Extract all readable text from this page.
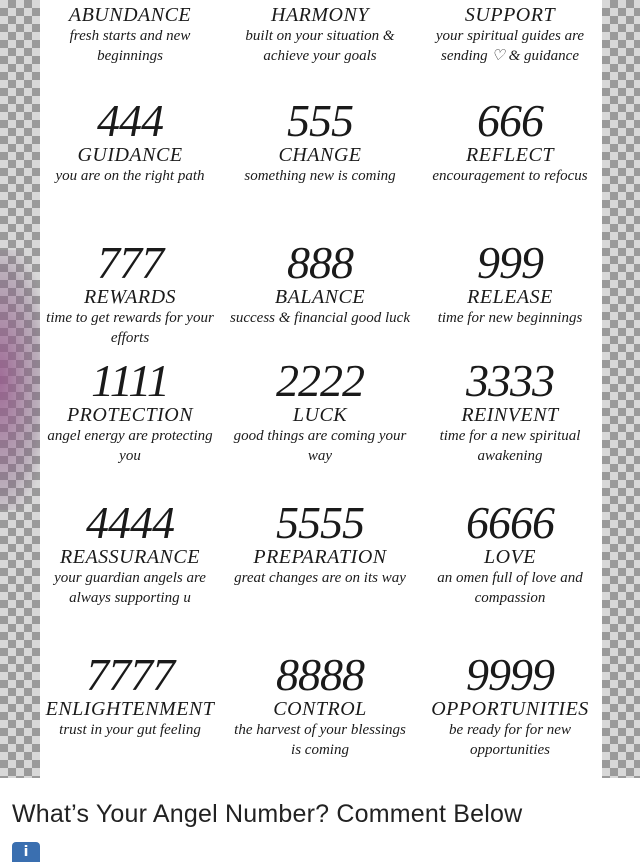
ABUNDANCE
fresh starts and new beginnings
HARMONY
built on your situation & achieve your goals
SUPPORT
your spiritual guides are sending ♡ & guidance
444
GUIDANCE
you are on the right path
555
CHANGE
something new is coming
666
REFLECT
encouragement to refocus
777
REWARDS
time to get rewards for your efforts
888
BALANCE
success & financial good luck
999
RELEASE
time for new beginnings
1111
PROTECTION
angel energy are protecting you
2222
LUCK
good things are coming your way
3333
REINVENT
time for a new spiritual awakening
4444
REASSURANCE
your guardian angels are always supporting u
5555
PREPARATION
great changes are on its way
6666
LOVE
an omen full of love and compassion
7777
ENLIGHTENMENT
trust in your gut feeling
8888
CONTROL
the harvest of your blessings is coming
9999
OPPORTUNITIES
be ready for for new opportunities
What’s Your Angel Number? Comment Below
i
